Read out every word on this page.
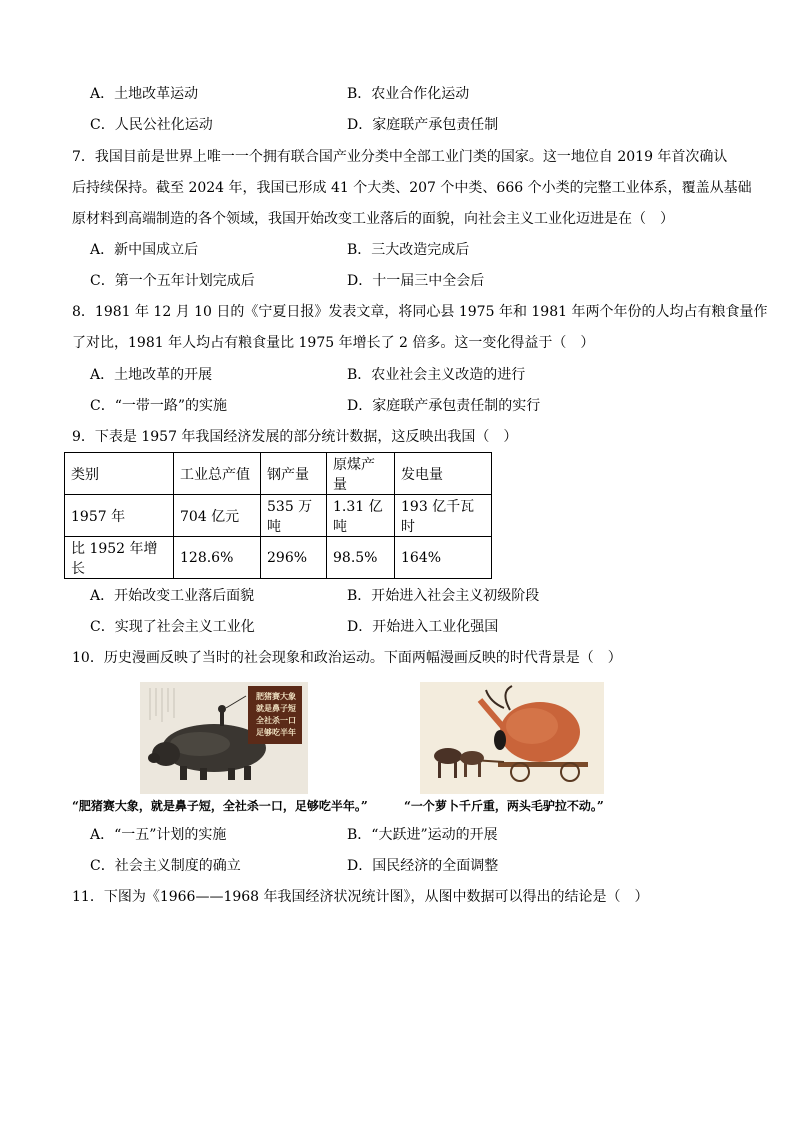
A．土地改革运动	B．农业合作化运动
C．人民公社化运动	D．家庭联产承包责任制
7．我国目前是世界上唯一一个拥有联合国产业分类中全部工业门类的国家。这一地位自 2019 年首次确认
后持续保持。截至 2024 年，我国已形成 41 个大类、207 个中类、666 个小类的完整工业体系，覆盖从基础
原材料到高端制造的各个领域，我国开始改变工业落后的面貌，向社会主义工业化迈进是在（　）
A．新中国成立后	B．三大改造完成后
C．第一个五年计划完成后	D．十一届三中全会后
8．1981 年 12 月 10 日的《宁夏日报》发表文章，将同心县 1975 年和 1981 年两个年份的人均占有粮食量作
了对比，1981 年人均占有粮食量比 1975 年增长了 2 倍多。这一变化得益于（　）
A．土地改革的开展	B．农业社会主义改造的进行
C．“一带一路”的实施	D．家庭联产承包责任制的实行
9．下表是 1957 年我国经济发展的部分统计数据，这反映出我国（　）
类别	工业总产值	钢产量	原煤产量	发电量
1957 年	704 亿元	535 万吨	1.31 亿吨	193 亿千瓦时
比 1952 年增长	128.6%	296%	98.5%	164%
A．开始改变工业落后面貌	B．开始进入社会主义初级阶段
C．实现了社会主义工业化	D．开始进入工业化强国
10．历史漫画反映了当时的社会现象和政治运动。下面两幅漫画反映的时代背景是（　）
肥猪赛大象
就是鼻子短
全社杀一口
足够吃半年
“肥猪赛大象，就是鼻子短，全社杀一口，足够吃半年。”	“一个萝卜千斤重，两头毛驴拉不动。”
A．“一五”计划的实施	B．“大跃进”运动的开展
C．社会主义制度的确立	D．国民经济的全面调整
11．下图为《1966——1968 年我国经济状况统计图》，从图中数据可以得出的结论是（　）
